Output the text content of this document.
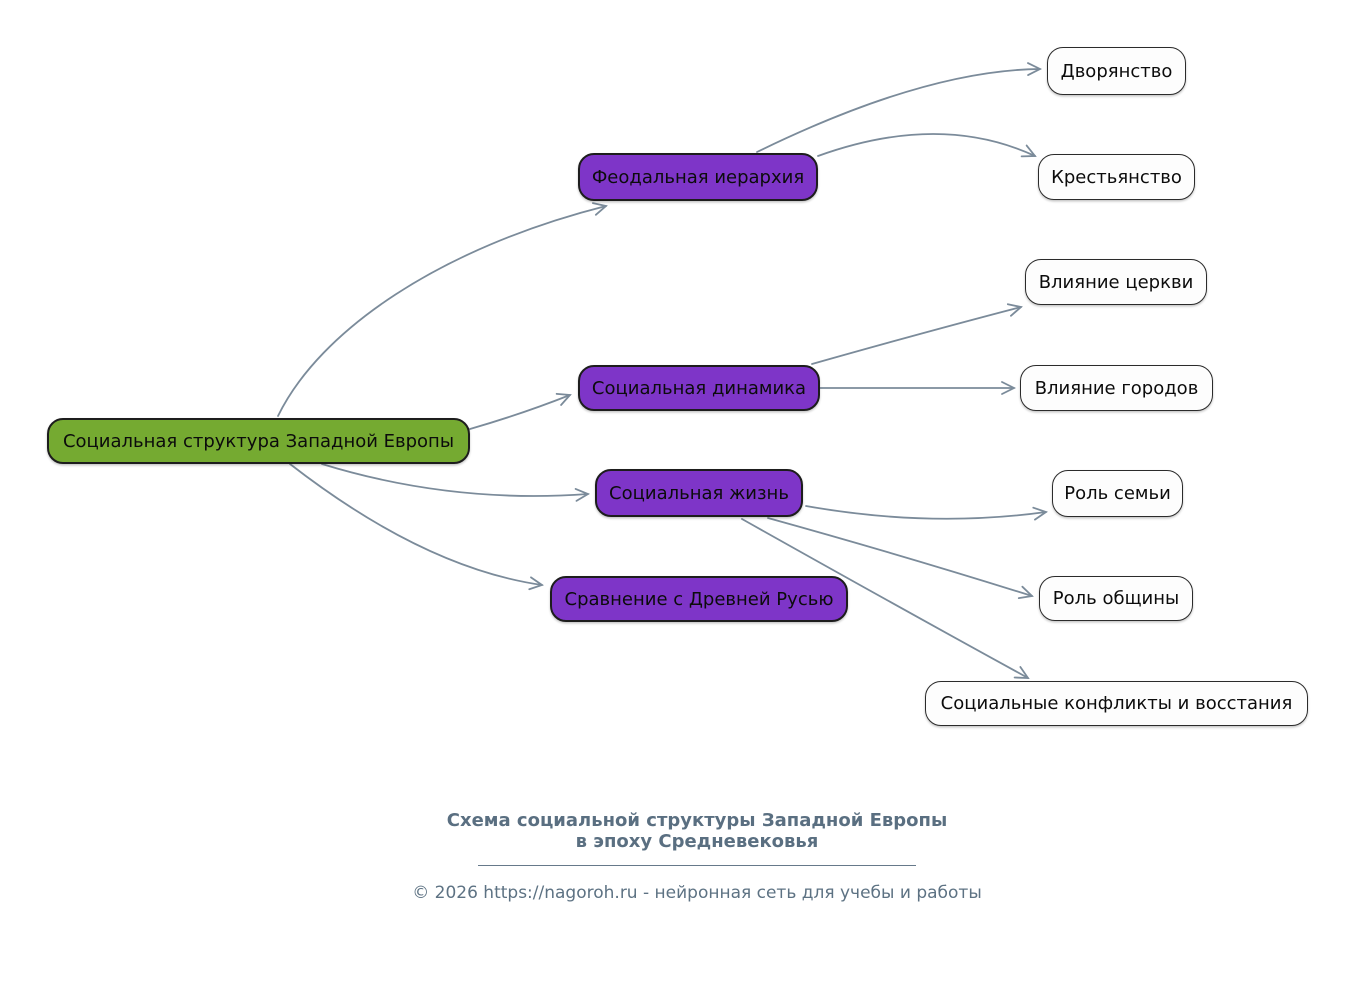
Социальная структура Западной Европы
Феодальная иерархия
Социальная динамика
Социальная жизнь
Сравнение с Древней Русью
Дворянство
Крестьянство
Влияние церкви
Влияние городов
Роль семьи
Роль общины
Социальные конфликты и восстания
Схема социальной структуры Западной Европы в эпоху Средневековья
© 2026 https://nagoroh.ru - нейронная сеть для учебы и работы
